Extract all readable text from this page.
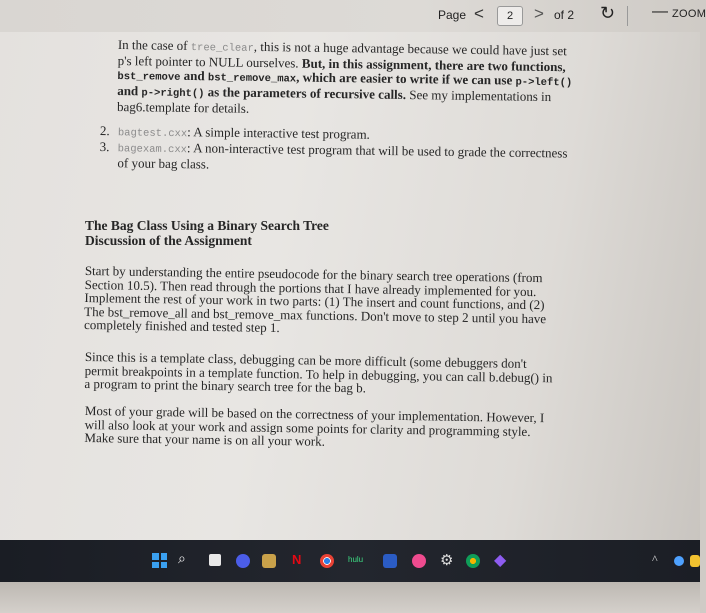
Page <	2	> of 2 ↻ — ZOOM
In the case of tree_clear, this is not a huge advantage because we could have just set p's left pointer to NULL ourselves. But, in this assignment, there are two functions, bst_remove and bst_remove_max, which are easier to write if we can use p->left() and p->right() as the parameters of recursive calls. See my implementations in bag6.template for details.
2. bagtest.cxx: A simple interactive test program.
3. bagexam.cxx: A non-interactive test program that will be used to grade the correctness of your bag class.
The Bag Class Using a Binary Search Tree
Discussion of the Assignment

Start by understanding the entire pseudocode for the binary search tree operations (from Section 10.5). Then read through the portions that I have already implemented for you. Implement the rest of your work in two parts: (1) The insert and count functions, and (2) The bst_remove_all and bst_remove_max functions. Don't move to step 2 until you have completely finished and tested step 1.

Since this is a template class, debugging can be more difficult (some debuggers don't permit breakpoints in a template function. To help in debugging, you can call b.debug() in a program to print the binary search tree for the bag b.

Most of your grade will be based on the correctness of your implementation. However, I will also look at your work and assign some points for clarity and programming style. Make sure that your name is on all your work.

⌕	N	hulu	⚙	◆	^
